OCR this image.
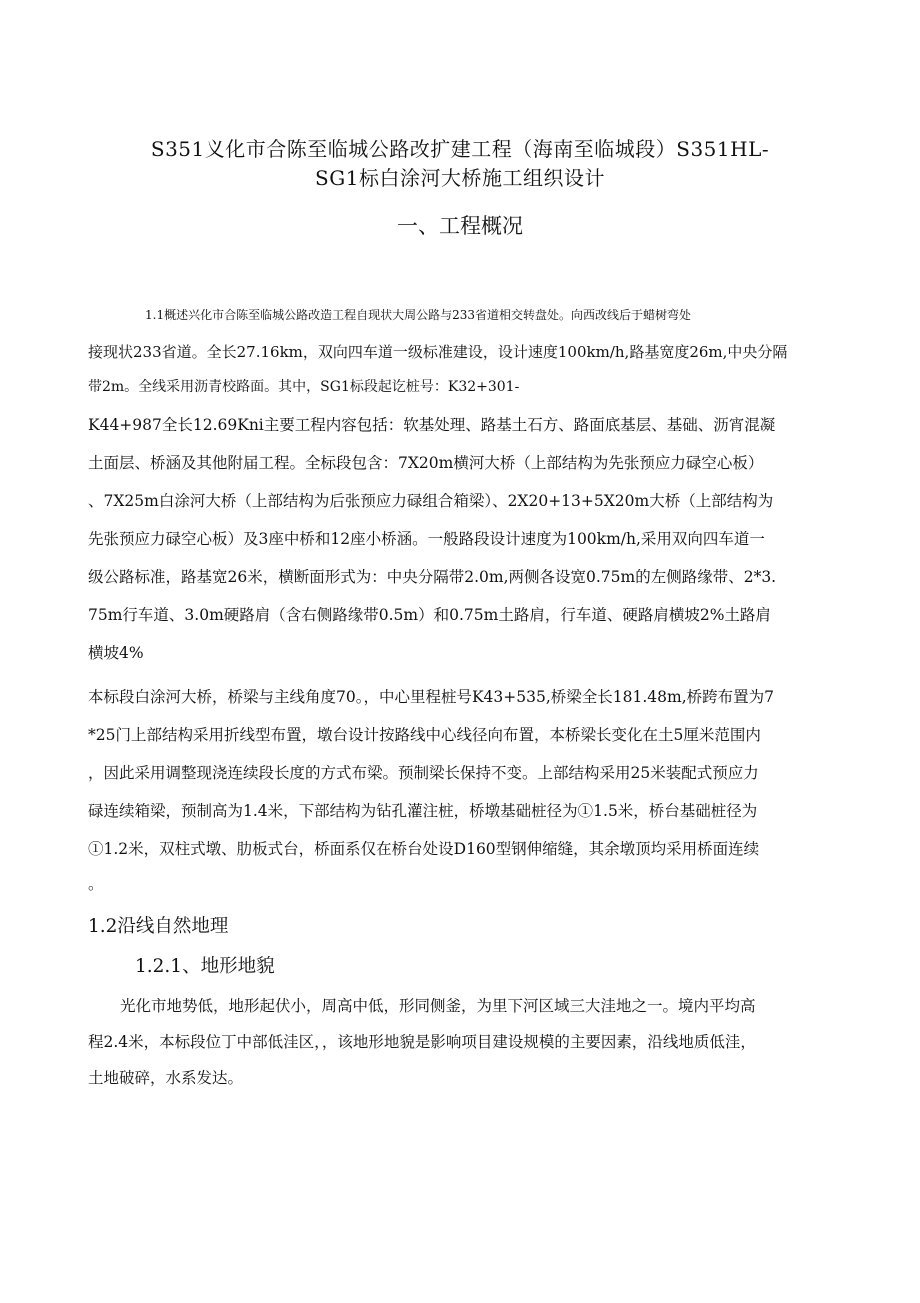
S351义化市合陈至临城公路改扩建工程（海南至临城段）S351HL-
SG1标白涂河大桥施工组织设计
一、工程概况
1.1概述兴化市合陈至临城公路改造工程自现状大周公路与233省道相交转盘处。向西改线后于蜡树弯处
接现状233省道。全长27.16km，双向四车道一级标准建设，设计速度100km/h,路基宽度26m,中央分隔
带2m。全线采用沥青校路面。其中，SG1标段起讫桩号：K32+301-
K44+987全长12.69Kni主要工程内容包括：软基处理、路基土石方、路面底基层、基础、沥宵混凝
土面层、桥涵及其他附届工程。全标段包含：7X20m横河大桥（上部结构为先张预应力碌空心板）
、7X25m白涂河大桥（上部结构为后张预应力碌组合箱梁）、2X20+13+5X20m大桥（上部结构为
先张预应力碌空心板）及3座中桥和12座小桥涵。一般路段设计速度为100km/h,采用双向四车道一
级公路标准，路基宽26米，横断面形式为：中央分隔带2.0m,两侧各设宽0.75m的左侧路缘带、2*3.
75m行车道、3.0m硬路肩（含右侧路缘带0.5m）和0.75m土路肩，行车道、硬路肩横坡2%土路肩
横坡4%
本标段白涂河大桥，桥梁与主线角度70。，中心里程桩号K43+535,桥梁全长181.48m,桥跨布置为7
*25门上部结构采用折线型布置，墩台设计按路线中心线径向布置，本桥梁长变化在土5厘米范围内
，因此采用调整现浇连续段长度的方式布梁。预制梁长保持不变。上部结构采用25米装配式预应力
碌连续箱梁，预制高为1.4米，下部结构为钻孔灌注桩，桥墩基础桩径为①1.5米，桥台基础桩径为
①1.2米，双柱式墩、肋板式台，桥面系仅在桥台处设D160型钢伸缩缝，其余墩顶均采用桥面连续
。
1.2沿线自然地理
1.2.1、地形地貌
光化市地势低，地形起伏小，周高中低，形同侧釜，为里下河区域三大洼地之一。境内平均高
程2.4米，本标段位丁中部低洼区，，该地形地貌是影响项目建设规模的主要因素，沿线地质低洼，
土地破碎，水系发达。
